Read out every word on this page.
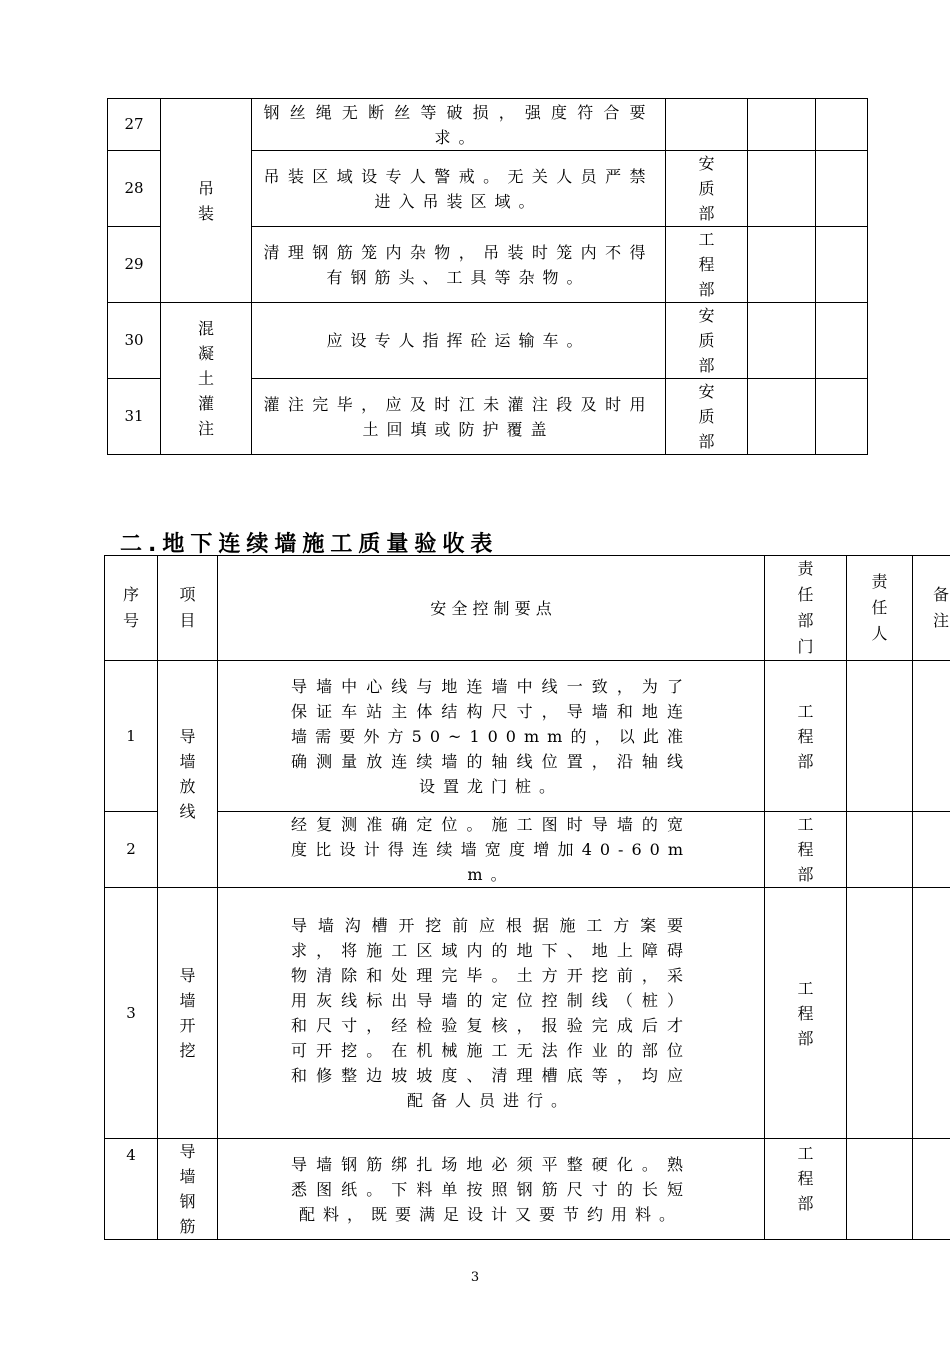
27	吊装	钢丝绳无断丝等破损，强度符合要求。			

28		吊装区域设专人警戒。无关人员严禁进入吊装区域。	安质部		

29		清理钢筋笼内杂物，吊装时笼内不得有钢筋头、工具等杂物。	工程部		

30	混凝土灌注	应设专人指挥砼运输车。	安质部		

31		灌注完毕，应及时江未灌注段及时用土回填或防护覆盖	安质部		

二.地下连续墙施工质量验收表
序号	项目	安 全 控 制 要 点	责任部门	责任人	备注

1	导墙放线	导墙中心线与地连墙中线一致，为了保证车站主体结构尺寸，导墙和地连墙需要外方50~100mm的，以此准确测量放连续墙的轴线位置，沿轴线设置龙门桩。	工程部		

2		经复测准确定位。施工图时导墙的宽度比设计得连续墙宽度增加40-60mm。	工程部		

3	导墙开挖	导墙沟槽开挖前应根据施工方案要求，将施工区域内的地下、地上障碍物清除和处理完毕。土方开挖前，采用灰线标出导墙的定位控制线（桩）和尺寸，经检验复核，报验完成后才可开挖。在机械施工无法作业的部位和修整边坡坡度、清理槽底等，均应配备人员进行。	工程部		

4	导墙钢筋	导墙钢筋绑扎场地必须平整硬化。熟悉图纸。下料单按照钢筋尺寸的长短配料，既要满足设计又要节约用料。	工程部		

3
